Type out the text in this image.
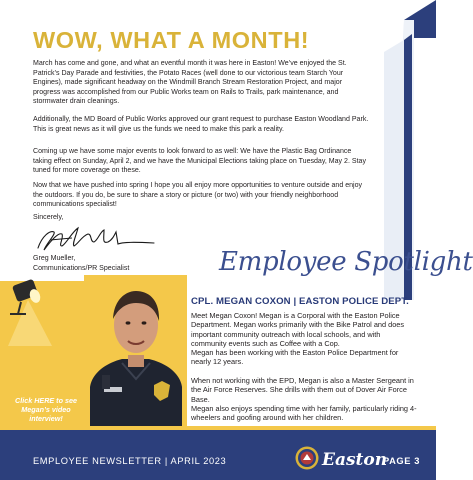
WOW, WHAT A MONTH!
March has come and gone, and what an eventful month it was here in Easton! We’ve enjoyed the St. Patrick’s Day Parade and festivities, the Potato Races (well done to our victorious team Starch Your Engines), made significant headway on the Windmill Branch Stream Restoration Project, and major progress was accomplished from our Public Works team on Rails to Trails, park maintenance, and stormwater drain cleanings.
Additionally, the MD Board of Public Works approved our grant request to purchase Easton Woodland Park. This is great news as it will give us the funds we need to make this park a reality.
Coming up we have some major events to look forward to as well: We have the Plastic Bag Ordinance taking effect on Sunday, April 2, and we have the Municipal Elections taking place on Tuesday, May 2. Stay tuned for more coverage on these.
Now that we have pushed into spring I hope you all enjoy more opportunities to venture outside and enjoy the outdoors. If you do, be sure to share a story or picture (or two) with your friendly neighborhood communications specialist!
Sincerely,
Greg Mueller,
Communications/PR Specialist	Employee Spotlight
CPL. MEGAN COXON | EASTON POLICE DEPT.
Meet Megan Coxon! Megan is a Corporal with the Easton Police Department. Megan works primarily with the Bike Patrol and does important community outreach with local schools, and with community events such as Coffee with a Cop.
Megan has been working with the Easton Police Department for nearly 12 years.
When not working with the EPD, Megan is also a Master Sergeant in the Air Force Reserves. She drills with them out of Dover Air Force Base.
Megan also enjoys spending time with her family, particularly riding 4-wheelers and goofing around with her children.
Click HERE to see Megan’s video interview!
EMPLOYEE NEWSLETTER | APRIL 2023	Easton
PAGE 3
